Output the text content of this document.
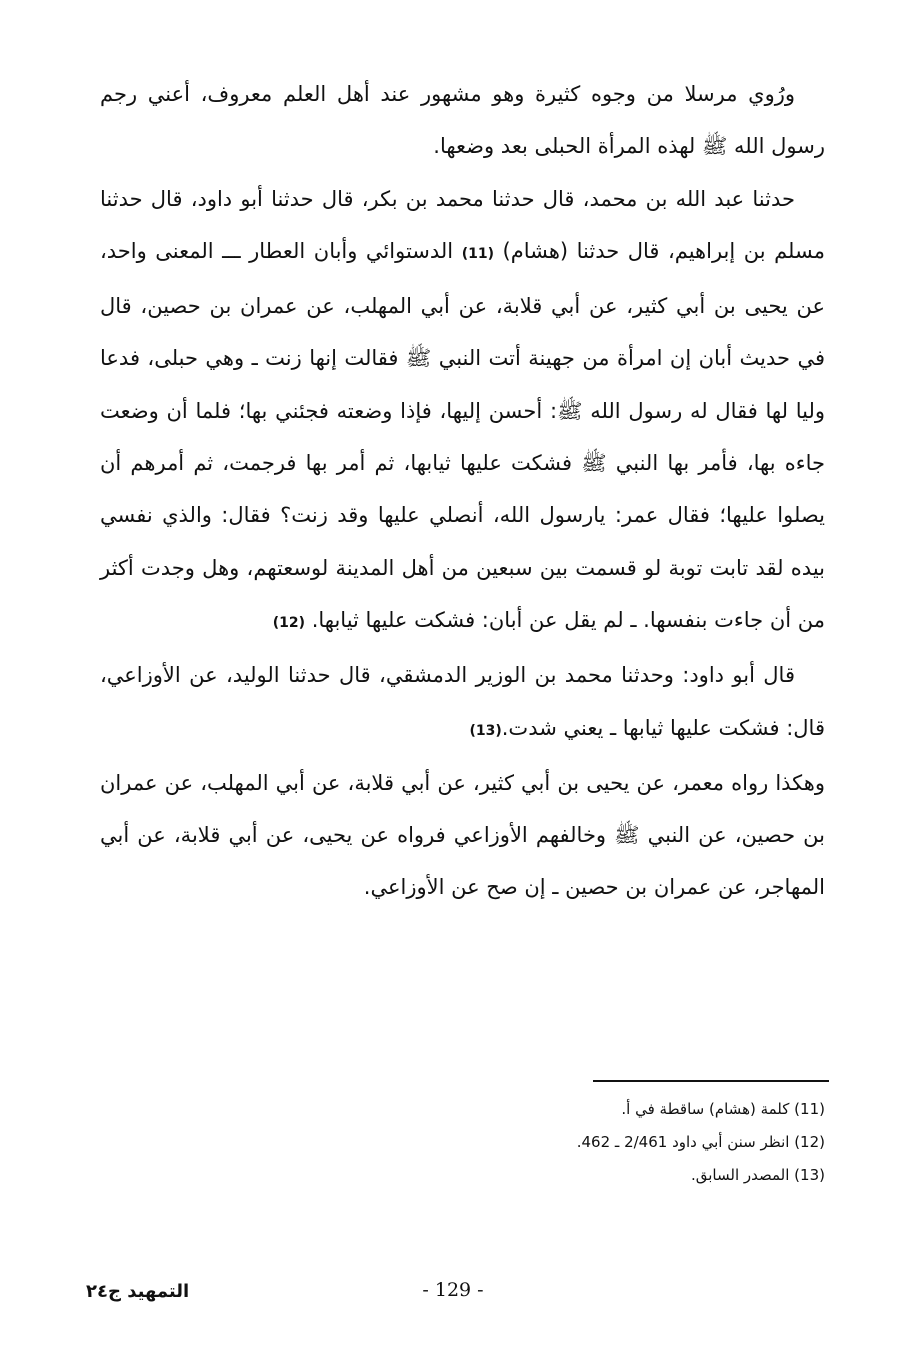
ورُوي مرسلا من وجوه كثيرة وهو مشهور عند أهل العلم معروف، أعني رجم رسول الله ﷺ لهذه المرأة الحبلى بعد وضعها.

حدثنا عبد الله بن محمد، قال حدثنا محمد بن بكر، قال حدثنا أبو داود، قال حدثنا مسلم بن إبراهيم، قال حدثنا (هشام) (11) الدستوائي وأبان العطار ـــ المعنى واحد، عن يحيى بن أبي كثير، عن أبي قلابة، عن أبي المهلب، عن عمران بن حصين، قال في حديث أبان إن امرأة من جهينة أتت النبي ﷺ فقالت إنها زنت ـ وهي حبلى، فدعا وليا لها فقال له رسول الله ﷺ: أحسن إليها، فإذا وضعته فجئني بها؛ فلما أن وضعت جاءه بها، فأمر بها النبي ﷺ فشكت عليها ثيابها، ثم أمر بها فرجمت، ثم أمرهم أن يصلوا عليها؛ فقال عمر: يارسول الله، أنصلي عليها وقد زنت؟ فقال: والذي نفسي بيده لقد تابت توبة لو قسمت بين سبعين من أهل المدينة لوسعتهم، وهل وجدت أكثر من أن جاءت بنفسها. ـ لم يقل عن أبان: فشكت عليها ثيابها. (12)

قال أبو داود: وحدثنا محمد بن الوزير الدمشقي، قال حدثنا الوليد، عن الأوزاعي، قال: فشكت عليها ثيابها ـ يعني شدت.(13)

وهكذا رواه معمر، عن يحيى بن أبي كثير، عن أبي قلابة، عن أبي المهلب، عن عمران بن حصين، عن النبي ﷺ وخالفهم الأوزاعي فرواه عن يحيى، عن أبي قلابة، عن أبي المهاجر، عن عمران بن حصين ـ إن صح عن الأوزاعي.

(11) كلمة (هشام) ساقطة في أ.

(12) انظر سنن أبي داود 2/461 ـ 462.

(13) المصدر السابق.

التمهيد ج٢٤	- 129 -
